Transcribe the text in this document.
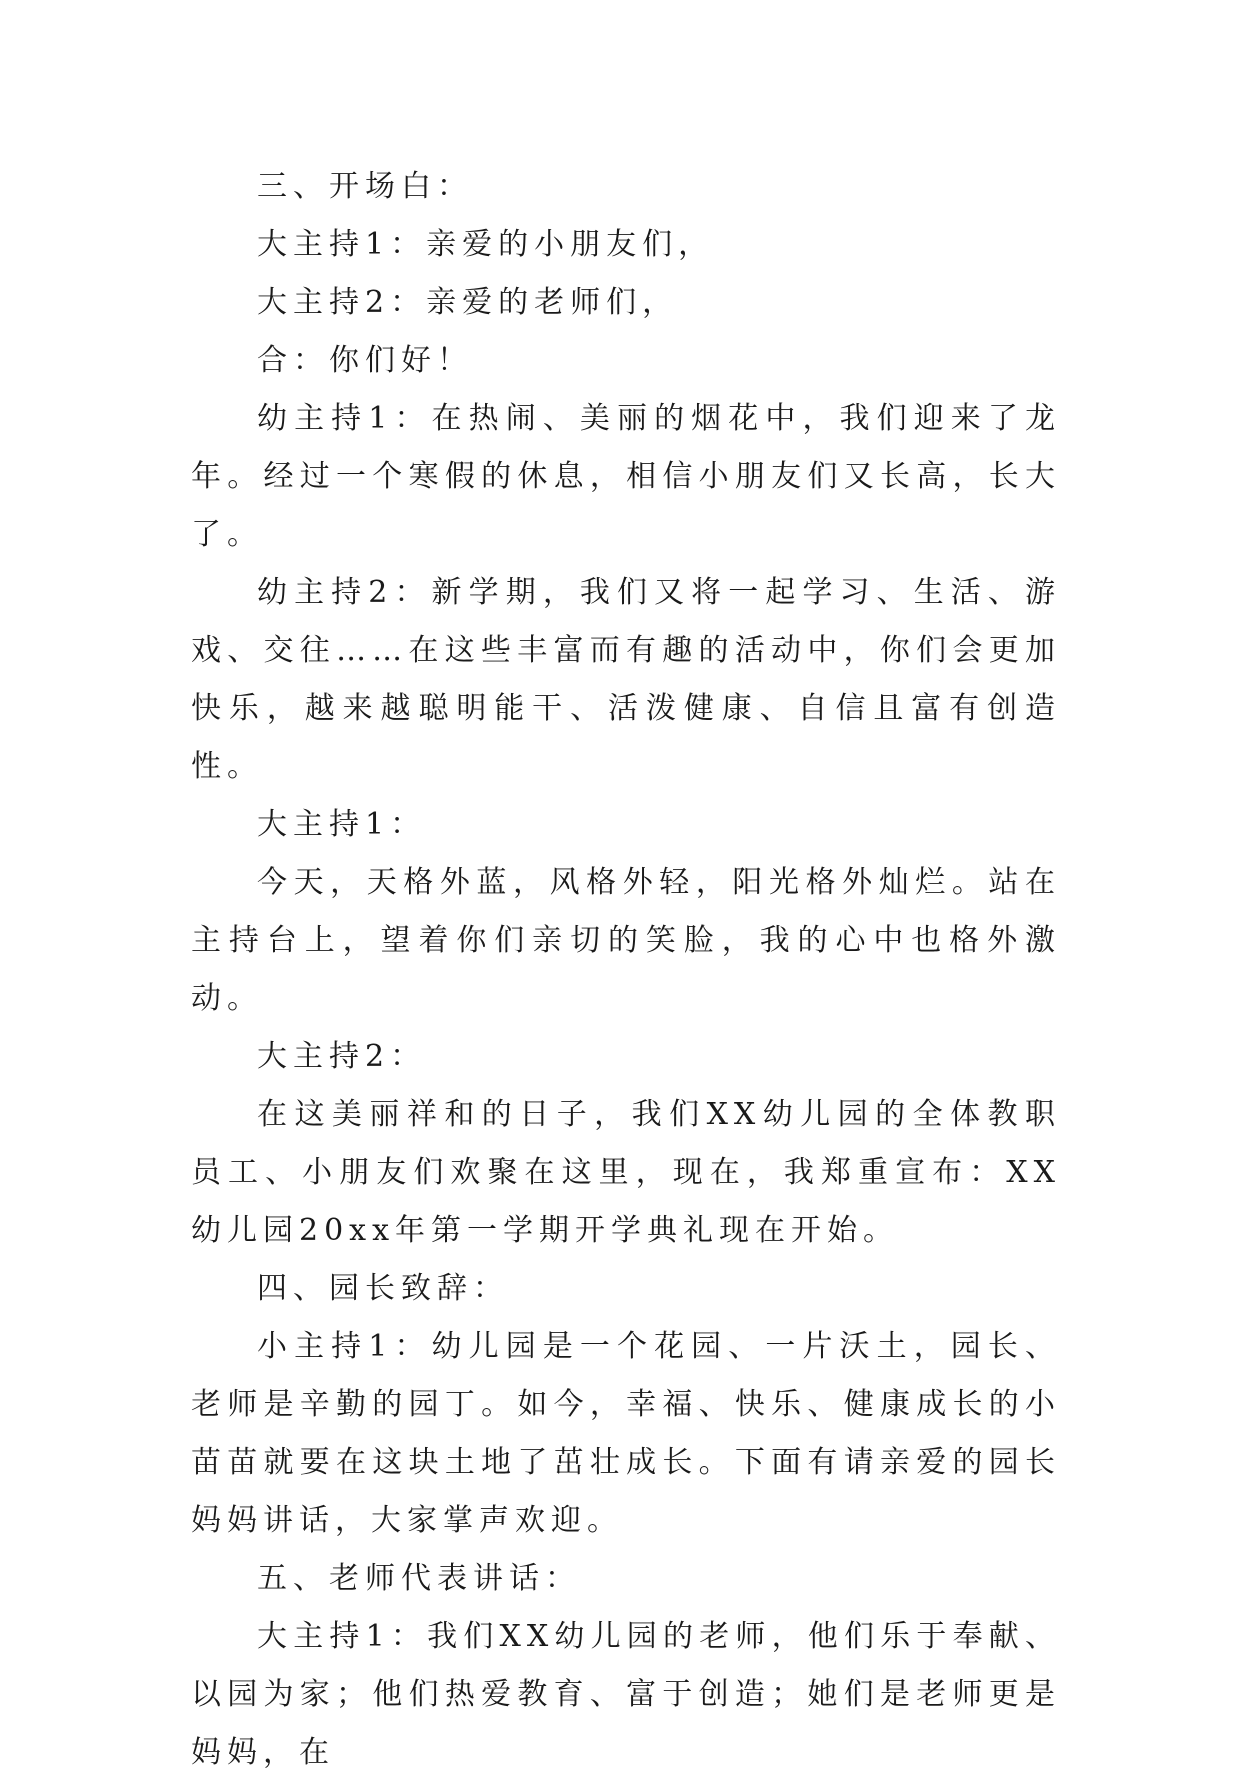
三、开场白：

大主持1：亲爱的小朋友们，

大主持2：亲爱的老师们，

合：你们好！

幼主持1：在热闹、美丽的烟花中，我们迎来了龙年。经过一个寒假的休息，相信小朋友们又长高，长大了。

幼主持2：新学期，我们又将一起学习、生活、游戏、交往……在这些丰富而有趣的活动中，你们会更加快乐，越来越聪明能干、活泼健康、自信且富有创造性。

大主持1：

今天，天格外蓝，风格外轻，阳光格外灿烂。站在主持台上，望着你们亲切的笑脸，我的心中也格外激动。

大主持2：

在这美丽祥和的日子，我们XX幼儿园的全体教职员工、小朋友们欢聚在这里，现在，我郑重宣布：XX幼儿园20xx年第一学期开学典礼现在开始。

四、园长致辞：

小主持1：幼儿园是一个花园、一片沃土，园长、老师是辛勤的园丁。如今，幸福、快乐、健康成长的小苗苗就要在这块土地了茁壮成长。下面有请亲爱的园长妈妈讲话，大家掌声欢迎。

五、老师代表讲话：

大主持1：我们XX幼儿园的老师，他们乐于奉献、以园为家；他们热爱教育、富于创造；她们是老师更是妈妈，在
